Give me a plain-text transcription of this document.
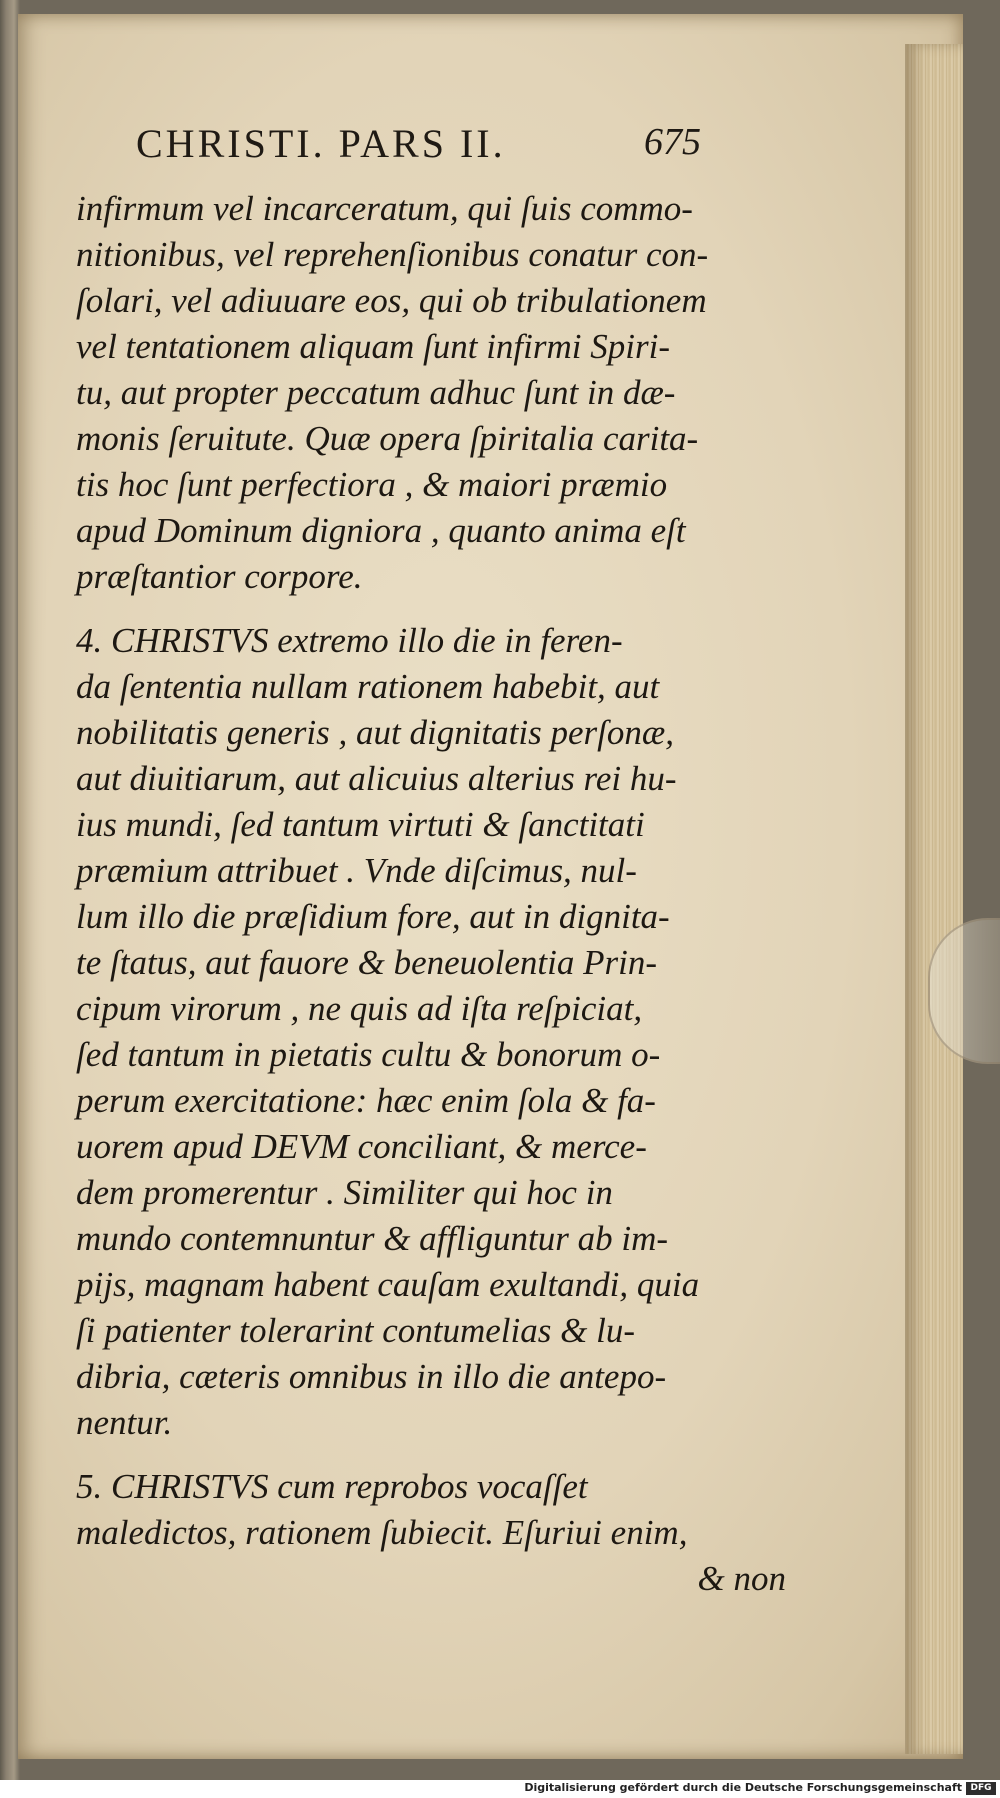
CHRISTI. PARS II.	675
infirmum vel incarceratum, qui ſuis commo-
nitionibus, vel reprehenſionibus conatur con-
ſolari, vel adiuuare eos, qui ob tribulationem
vel tentationem aliquam ſunt infirmi Spiri-
tu, aut propter peccatum adhuc ſunt in dæ-
monis ſeruitute. Quæ opera ſpiritalia carita-
tis hoc ſunt perfectiora , & maiori præmio
apud Dominum digniora , quanto anima eſt
præſtantior corpore.
4. CHRISTVS extremo illo die in feren-
da ſententia nullam rationem habebit, aut
nobilitatis generis , aut dignitatis perſonæ,
aut diuitiarum, aut alicuius alterius rei hu-
ius mundi, ſed tantum virtuti & ſanctitati
præmium attribuet . Vnde diſcimus, nul-
lum illo die præſidium fore, aut in dignita-
te ſtatus, aut fauore & beneuolentia Prin-
cipum virorum , ne quis ad iſta reſpiciat,
ſed tantum in pietatis cultu & bonorum o-
perum exercitatione: hæc enim ſola & fa-
uorem apud DEVM conciliant, & merce-
dem promerentur . Similiter qui hoc in
mundo contemnuntur & affliguntur ab im-
pijs, magnam habent cauſam exultandi, quia
ſi patienter tolerarint contumelias & lu-
dibria, cæteris omnibus in illo die antepo-
nentur.
5. CHRISTVS cum reprobos vocaſſet
maledictos, rationem ſubiecit. Eſuriui enim,
& non
Digitalisierung gefördert durch die Deutsche Forschungsgemeinschaft DFG
